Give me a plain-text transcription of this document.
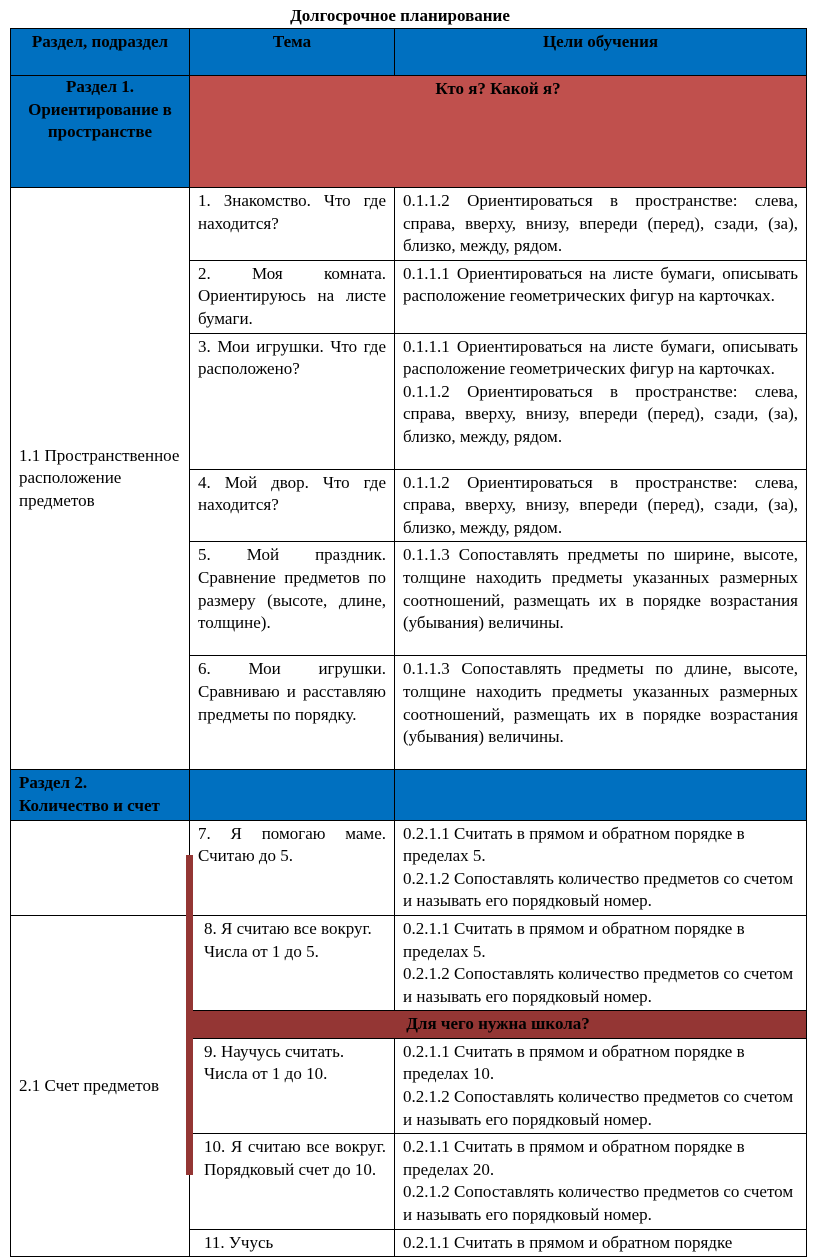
Долгосрочное планирование
Раздел, подраздел	Тема	Цели обучения
Раздел 1. Ориентирование в пространстве	Кто я? Какой я?	
1.1 Пространственное расположение предметов	1. Знакомство. Что где находится?	0.1.1.2 Ориентироваться в пространстве: слева, справа, вверху, внизу, впереди (перед), сзади, (за), близко, между, рядом.

	2. Моя комната. Ориентируюсь на листе бумаги.	0.1.1.1 Ориентироваться на листе бумаги, описывать расположение геометрических фигур на карточках.

	3. Мои игрушки. Что где расположено?	0.1.1.1 Ориентироваться на листе бумаги, описывать расположение геометрических фигур на карточках.

0.1.1.2 Ориентироваться в пространстве: слева, справа, вверху, внизу, впереди (перед), сзади, (за), близко, между, рядом.

	4. Мой двор. Что где находится?	0.1.1.2 Ориентироваться в пространстве: слева, справа, вверху, внизу, впереди (перед), сзади, (за), близко, между, рядом.

	5. Мой праздник. Сравнение предметов по размеру (высоте, длине, толщине).	0.1.1.3 Сопоставлять предметы по ширине, высоте, толщине находить предметы указанных размерных соотношений, размещать их в порядке возрастания (убывания) величины.

	6. Мои игрушки. Сравниваю и расставляю предметы по порядку.	0.1.1.3 Сопоставлять предметы по длине, высоте, толщине находить предметы указанных размерных соотношений, размещать их в порядке возрастания (убывания) величины.

Раздел 2. Количество и счет		
	7. Я помогаю маме. Считаю до 5.	0.2.1.1 Считать в прямом и обратном порядке в пределах 5.

0.2.1.2 Сопоставлять количество предметов со счетом и называть его порядковый номер.

2.1 Счет предметов	8. Я считаю все вокруг. Числа от 1 до 5.	0.2.1.1 Считать в прямом и обратном порядке в пределах 5.

0.2.1.2 Сопоставлять количество предметов со счетом и называть его порядковый номер.

	Для чего нужна школа?	
	9. Научусь считать. Числа от 1 до 10.	0.2.1.1 Считать в прямом и обратном порядке в пределах 10.

0.2.1.2 Сопоставлять количество предметов со счетом и называть его порядковый номер.

	10. Я считаю все вокруг. Порядковый счет до 10.	0.2.1.1 Считать в прямом и обратном порядке в пределах 20.

0.2.1.2 Сопоставлять количество предметов со счетом и называть его порядковый номер.

	11. Учусь	0.2.1.1 Считать в прямом и обратном порядке
